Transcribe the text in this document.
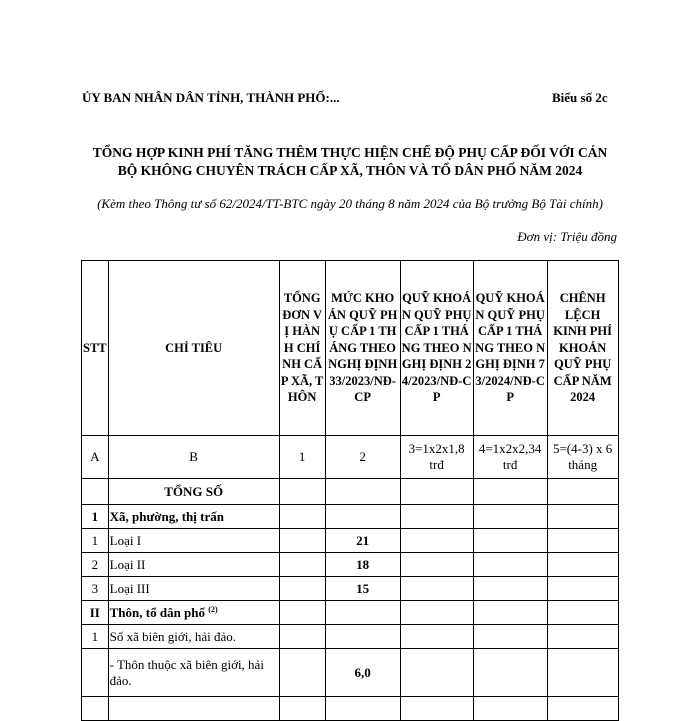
ỦY BAN NHÂN DÂN TỈNH, THÀNH PHỐ:...	Biểu số 2c
TỔNG HỢP KINH PHÍ TĂNG THÊM THỰC HIỆN CHẾ ĐỘ PHỤ CẤP ĐỐI VỚI CÁN
BỘ KHÔNG CHUYÊN TRÁCH CẤP XÃ, THÔN VÀ TỔ DÂN PHỐ NĂM 2024
(Kèm theo Thông tư số 62/2024/TT-BTC ngày 20 tháng 8 năm 2024 của Bộ trưởng Bộ Tài chính)
Đơn vị: Triệu đồng
STT	CHỈ TIÊU	TỔNG ĐƠN VỊ HÀNH CHÍNH CẤP XÃ, THÔN	MỨC KHOÁN QUỸ PHỤ CẤP 1 THÁNG THEO NGHỊ ĐỊNH 33/2023/NĐ-CP	QUỸ KHOÁN QUỸ PHỤ CẤP 1 THÁNG THEO NGHỊ ĐỊNH 24/2023/NĐ-CP	QUỸ KHOÁN QUỸ PHỤ CẤP 1 THÁNG THEO NGHỊ ĐỊNH 73/2024/NĐ-CP	CHÊNH LỆCH KINH PHÍ KHOÁN QUỸ PHỤ CẤP NĂM 2024
A	B	1	2	3=1x2x1,8 trđ	4=1x2x2,34 trđ	5=(4-3) x 6 tháng
	TỔNG SỐ					
1	Xã, phường, thị trấn					
1	Loại I		21			
2	Loại II		18			
3	Loại III		15			
II	Thôn, tổ dân phố $^{(2)}$					
1	Số xã biên giới, hải đảo.					
	- Thôn thuộc xã biên giới, hải đảo.		6,0			
